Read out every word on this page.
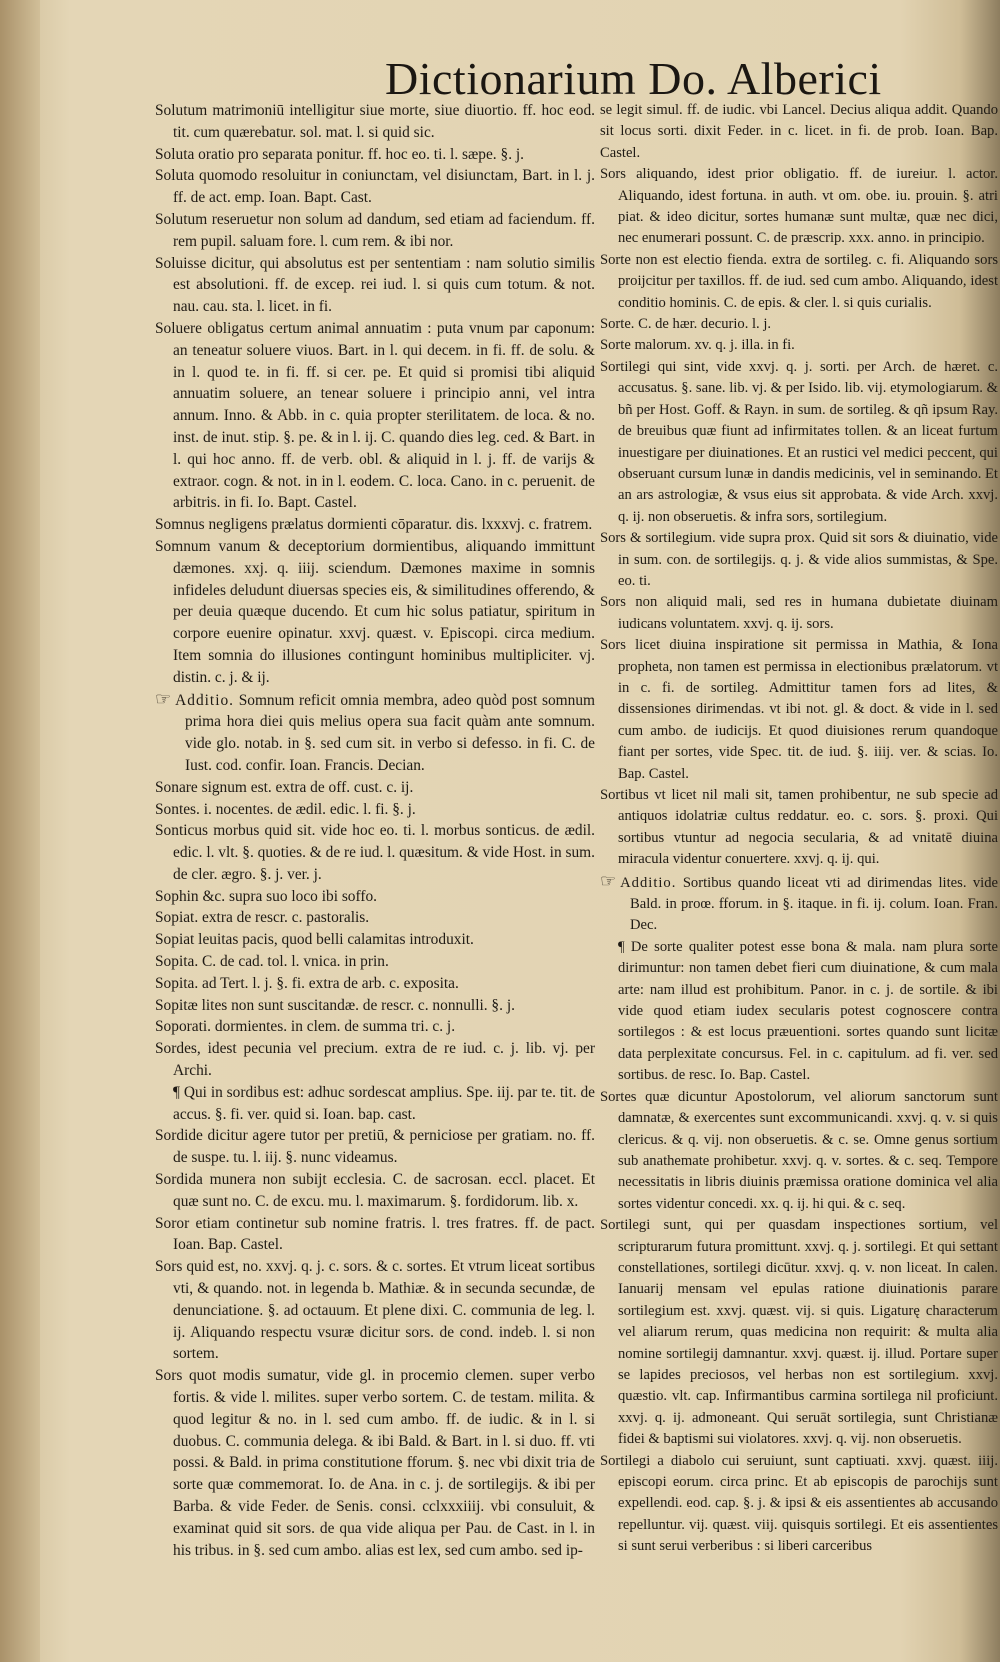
Dictionarium Do. Alberici

Solutum matrimoniū intelligitur siue morte, siue diuortio. ff. hoc eod. tit. cum quærebatur. sol. mat. l. si quid sic.

Soluta oratio pro separata ponitur. ff. hoc eo. ti. l. sæpe. §. j.

Soluta quomodo resoluitur in coniunctam, vel disiunctam, Bart. in l. j. ff. de act. emp. Ioan. Bapt. Cast.

Solutum reseruetur non solum ad dandum, sed etiam ad faciendum. ff. rem pupil. saluam fore. l. cum rem. & ibi nor.

Soluisse dicitur, qui absolutus est per sententiam : nam solutio similis est absolutioni. ff. de excep. rei iud. l. si quis cum totum. & not. nau. cau. sta. l. licet. in fi.

Soluere obligatus certum animal annuatim : puta vnum par caponum: an teneatur soluere viuos. Bart. in l. qui decem. in fi. ff. de solu. & in l. quod te. in fi. ff. si cer. pe. Et quid si promisi tibi aliquid annuatim soluere, an tenear soluere i principio anni, vel intra annum. Inno. & Abb. in c. quia propter sterilitatem. de loca. & no. inst. de inut. stip. §. pe. & in l. ij. C. quando dies leg. ced. & Bart. in l. qui hoc anno. ff. de verb. obl. & aliquid in l. j. ff. de varijs & extraor. cogn. & not. in in l. eodem. C. loca. Cano. in c. peruenit. de arbitris. in fi. Io. Bapt. Castel.

Somnus negligens prælatus dormienti cōparatur. dis. lxxxvj. c. fratrem.

Somnum vanum & deceptorium dormientibus, aliquando immittunt dæmones. xxj. q. iiij. sciendum. Dæmones maxime in somnis infideles deludunt diuersas species eis, & similitudines offerendo, & per deuia quæque ducendo. Et cum hic solus patiatur, spiritum in corpore euenire opinatur. xxvj. quæst. v. Episcopi. circa medium. Item somnia do illusiones contingunt hominibus multipliciter. vj. distin. c. j. & ij.

☞ Additio. Somnum reficit omnia membra, adeo quòd post somnum prima hora diei quis melius opera sua facit quàm ante somnum. vide glo. notab. in §. sed cum sit. in verbo si defesso. in fi. C. de Iust. cod. confir. Ioan. Francis. Decian.

Sonare signum est. extra de off. cust. c. ij.

Sontes. i. nocentes. de ædil. edic. l. fi. §. j.

Sonticus morbus quid sit. vide hoc eo. ti. l. morbus sonticus. de ædil. edic. l. vlt. §. quoties. & de re iud. l. quæsitum. & vide Host. in sum. de cler. ægro. §. j. ver. j.

Sophin &c. supra suo loco ibi soffo.

Sopiat. extra de rescr. c. pastoralis.

Sopiat leuitas pacis, quod belli calamitas introduxit.

Sopita. C. de cad. tol. l. vnica. in prin.

Sopita. ad Tert. l. j. §. fi. extra de arb. c. exposita.

Sopitæ lites non sunt suscitandæ. de rescr. c. nonnulli. §. j.

Soporati. dormientes. in clem. de summa tri. c. j.

Sordes, idest pecunia vel precium. extra de re iud. c. j. lib. vj. per Archi.

¶ Qui in sordibus est: adhuc sordescat amplius. Spe. iij. par te. tit. de accus. §. fi. ver. quid si. Ioan. bap. cast.

Sordide dicitur agere tutor per pretiū, & perniciose per gratiam. no. ff. de suspe. tu. l. iij. §. nunc videamus.

Sordida munera non subijt ecclesia. C. de sacrosan. eccl. placet. Et quæ sunt no. C. de excu. mu. l. maximarum. §. fordidorum. lib. x.

Soror etiam continetur sub nomine fratris. l. tres fratres. ff. de pact. Ioan. Bap. Castel.

Sors quid est, no. xxvj. q. j. c. sors. & c. sortes. Et vtrum liceat sortibus vti, & quando. not. in legenda b. Mathiæ. & in secunda secundæ, de denunciatione. §. ad octauum. Et plene dixi. C. communia de leg. l. ij. Aliquando respectu vsuræ dicitur sors. de cond. indeb. l. si non sortem.

Sors quot modis sumatur, vide gl. in procemio clemen. super verbo fortis. & vide l. milites. super verbo sortem. C. de testam. milita. & quod legitur & no. in l. sed cum ambo. ff. de iudic. & in l. si duobus. C. communia delega. & ibi Bald. & Bart. in l. si duo. ff. vti possi. & Bald. in prima constitutione fforum. §. nec vbi dixit tria de sorte quæ commemorat. Io. de Ana. in c. j. de sortilegijs. & ibi per Barba. & vide Feder. de Senis. consi. cclxxxiiij. vbi consuluit, & examinat quid sit sors. de qua vide aliqua per Pau. de Cast. in l. in his tribus. in §. sed cum ambo. alias est lex, sed cum ambo. sed ip-

se legit simul. ff. de iudic. vbi Lancel. Decius aliqua addit. Quando sit locus sorti. dixit Feder. in c. licet. in fi. de prob. Ioan. Bap. Castel.

Sors aliquando, idest prior obligatio. ff. de iureiur. l. actor. Aliquando, idest fortuna. in auth. vt om. obe. iu. prouin. §. atri piat. & ideo dicitur, sortes humanæ sunt multæ, quæ nec dici, nec enumerari possunt. C. de præscrip. xxx. anno. in principio.

Sorte non est electio fienda. extra de sortileg. c. fi. Aliquando sors proijcitur per taxillos. ff. de iud. sed cum ambo. Aliquando, idest conditio hominis. C. de epis. & cler. l. si quis curialis.

Sorte. C. de hær. decurio. l. j.

Sorte malorum. xv. q. j. illa. in fi.

Sortilegi qui sint, vide xxvj. q. j. sorti. per Arch. de hæret. c. accusatus. §. sane. lib. vj. & per Isido. lib. vij. etymologiarum. & bñ per Host. Goff. & Rayn. in sum. de sortileg. & qñ ipsum Ray. de breuibus quæ fiunt ad infirmitates tollen. & an liceat furtum inuestigare per diuinationes. Et an rustici vel medici peccent, qui obseruant cursum lunæ in dandis medicinis, vel in seminando. Et an ars astrologiæ, & vsus eius sit approbata. & vide Arch. xxvj. q. ij. non obseruetis. & infra sors, sortilegium.

Sors & sortilegium. vide supra prox. Quid sit sors & diuinatio, vide in sum. con. de sortilegijs. q. j. & vide alios summistas, & Spe. eo. ti.

Sors non aliquid mali, sed res in humana dubietate diuinam iudicans voluntatem. xxvj. q. ij. sors.

Sors licet diuina inspiratione sit permissa in Mathia, & Iona propheta, non tamen est permissa in electionibus prælatorum. vt in c. fi. de sortileg. Admittitur tamen fors ad lites, & dissensiones dirimendas. vt ibi not. gl. & doct. & vide in l. sed cum ambo. de iudicijs. Et quod diuisiones rerum quandoque fiant per sortes, vide Spec. tit. de iud. §. iiij. ver. & scias. Io. Bap. Castel.

Sortibus vt licet nil mali sit, tamen prohibentur, ne sub specie ad antiquos idolatriæ cultus reddatur. eo. c. sors. §. proxi. Qui sortibus vtuntur ad negocia secularia, & ad vnitatē diuina miracula videntur conuertere. xxvj. q. ij. qui.

☞ Additio. Sortibus quando liceat vti ad dirimendas lites. vide Bald. in proœ. fforum. in §. itaque. in fi. ij. colum. Ioan. Fran. Dec.

¶ De sorte qualiter potest esse bona & mala. nam plura sorte dirimuntur: non tamen debet fieri cum diuinatione, & cum mala arte: nam illud est prohibitum. Panor. in c. j. de sortile. & ibi vide quod etiam iudex secularis potest cognoscere contra sortilegos : & est locus præuentioni. sortes quando sunt licitæ data perplexitate concursus. Fel. in c. capitulum. ad fi. ver. sed sortibus. de resc. Io. Bap. Castel.

Sortes quæ dicuntur Apostolorum, vel aliorum sanctorum sunt damnatæ, & exercentes sunt excommunicandi. xxvj. q. v. si quis clericus. & q. vij. non obseruetis. & c. se. Omne genus sortium sub anathemate prohibetur. xxvj. q. v. sortes. & c. seq. Tempore necessitatis in libris diuinis præmissa oratione dominica vel alia sortes videntur concedi. xx. q. ij. hi qui. & c. seq.

Sortilegi sunt, qui per quasdam inspectiones sortium, vel scripturarum futura promittunt. xxvj. q. j. sortilegi. Et qui settant constellationes, sortilegi dicūtur. xxvj. q. v. non liceat. In calen. Ianuarij mensam vel epulas ratione diuinationis parare sortilegium est. xxvj. quæst. vij. si quis. Ligaturę characterum vel aliarum rerum, quas medicina non requirit: & multa alia nomine sortilegij damnantur. xxvj. quæst. ij. illud. Portare super se lapides preciosos, vel herbas non est sortilegium. xxvj. quæstio. vlt. cap. Infirmantibus carmina sortilega nil proficiunt. xxvj. q. ij. admoneant. Qui seruāt sortilegia, sunt Christianæ fidei & baptismi sui violatores. xxvj. q. vij. non obseruetis.

Sortilegi a diabolo cui seruiunt, sunt captiuati. xxvj. quæst. iiij. episcopi eorum. circa princ. Et ab episcopis de parochijs sunt expellendi. eod. cap. §. j. & ipsi & eis assentientes ab accusando repelluntur. vij. quæst. viij. quisquis sortilegi. Et eis assentientes si sunt serui verberibus : si liberi carceribus
